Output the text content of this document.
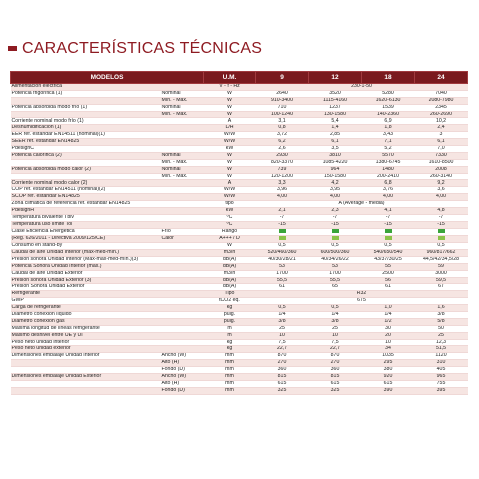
CARACTERÍSTICAS TÉCNICAS
MODELOS		U.M.	9	12	18	24
Alimentación eléctrica		V - f - Hz	230-1-50			
Potencia frigorífica (1)	Nominal	W	2640	3520	5280	7040
	Mín. - Máx.	W	910-3400	1115-4160	1620-6130	2080-7980
Potencia absorbida modo frío (1)	Nominal	W	710	1237	1539	2345
	Mín. - Máx.	W	100-1240	130-1580	140-2360	260-2690
Corriente nominal modo frío (1)		A	3,1	5,4	6,9	10,2
Deshumidificación (1)		L/H	0,8	1,4	1,8	2,4
EER ref. estándar EN14511 (nominal)(1)		W/W	3,72	2,85	3,43	3
SEER ref. estándar EN14825		W/W	6,2	6,1	7,1	6,1
PdesignC		kW	2,6	3,5	5,2	7,0
Potencia calorífica (2)	Nominal	W	2930	3810	5570	7330
	Mín. - Máx.	W	820-3370	1085-4220	1380-6745	1610-8500
Potencia absorbida modo calor (2)	Nominal	W	739	964	1480	2008
	Mín. - Máx.	W	120-1200	150-1580	200-2410	260-3140
Corriente nominal modo calor (2)		A	3,3	4,2	6,8	9,2
COP ref. estándar EN14511 (nominal)(2)		W/W	3,96	3,95	3,76	3,6
SCOP ref. estándar EN14825		W/W	4,00	4,00	4,00	4,00
Zona climática de referencia ref. estándar EN14825		tipo	A (Average - media)			
PdesignH		kW	2,1	2,3	4,1	4,8
Temperatura bivalente Tbiv		ºC	-7	-7	-7	-7
Temperatura uso límite Tol		ºC	-15	-15	-15	-15
Clase Eficiencia Energética	Frío	Rango				
(Reg. 626/2011 - Directiva 2009/125/CE)	Calor	A+++ / D				
Consumo en stand-by		W	0,5	0,5	0,5	0,5
Caudal de aire Unidad Interior (máx-med-mín.)		m3/h	520/460/360	600/500/360	540/650/540	960/817/662
Presión sonora Unidad Interior (Máx-máx-med-mín.)(3)		dB(A)	40/30/28/21	40/34/26/22	43/37/30/25	44,5/42/34,5/28
Potencia Sonora Unidad Interior (máx.)		dB(A)	53	53	55	59
Caudal de aire Unidad Exterior		m3/h	1700	1700	2500	3000
Presión sonora Unidad Exterior (3)		dB(A)	55,5	55,5	56	59,5
Presión Sonora Unidad Exterior		dB(A)	61	65	61	67
Refrigerante		Tipo	R32			
GWP		tCO2 eq.	675			
Carga de refrigerante		kg	0,5	0,5	1,0	1,6
Diámetro conexión líquido		pulg.	1/4	1/4	1/4	3/8
Diámetro conexión gas		pulg.	3/8	3/8	1/2	5/8
Máxima longitud de líneas refrigerante		m	25	25	30	50
Máximo desnivel entre UE y UI		m	10	10	20	25
Peso neto unidad interior		kg	7,5	7,5	10	12,3
Peso neto unidad exterior		kg	22,7	22,7	34	51,5
Dimensiones embalaje Unidad Interior	Ancho (W)	mm	870	870	1035	1120
	Alto (H)	mm	270	270	295	310
	Fondo (D)	mm	360	360	380	405
Dimensiones embalaje Unidad Exterior	Ancho (W)	mm	815	815	920	965
	Alto (H)	mm	615	615	615	755
	Fondo (D)	mm	325	325	390	395
